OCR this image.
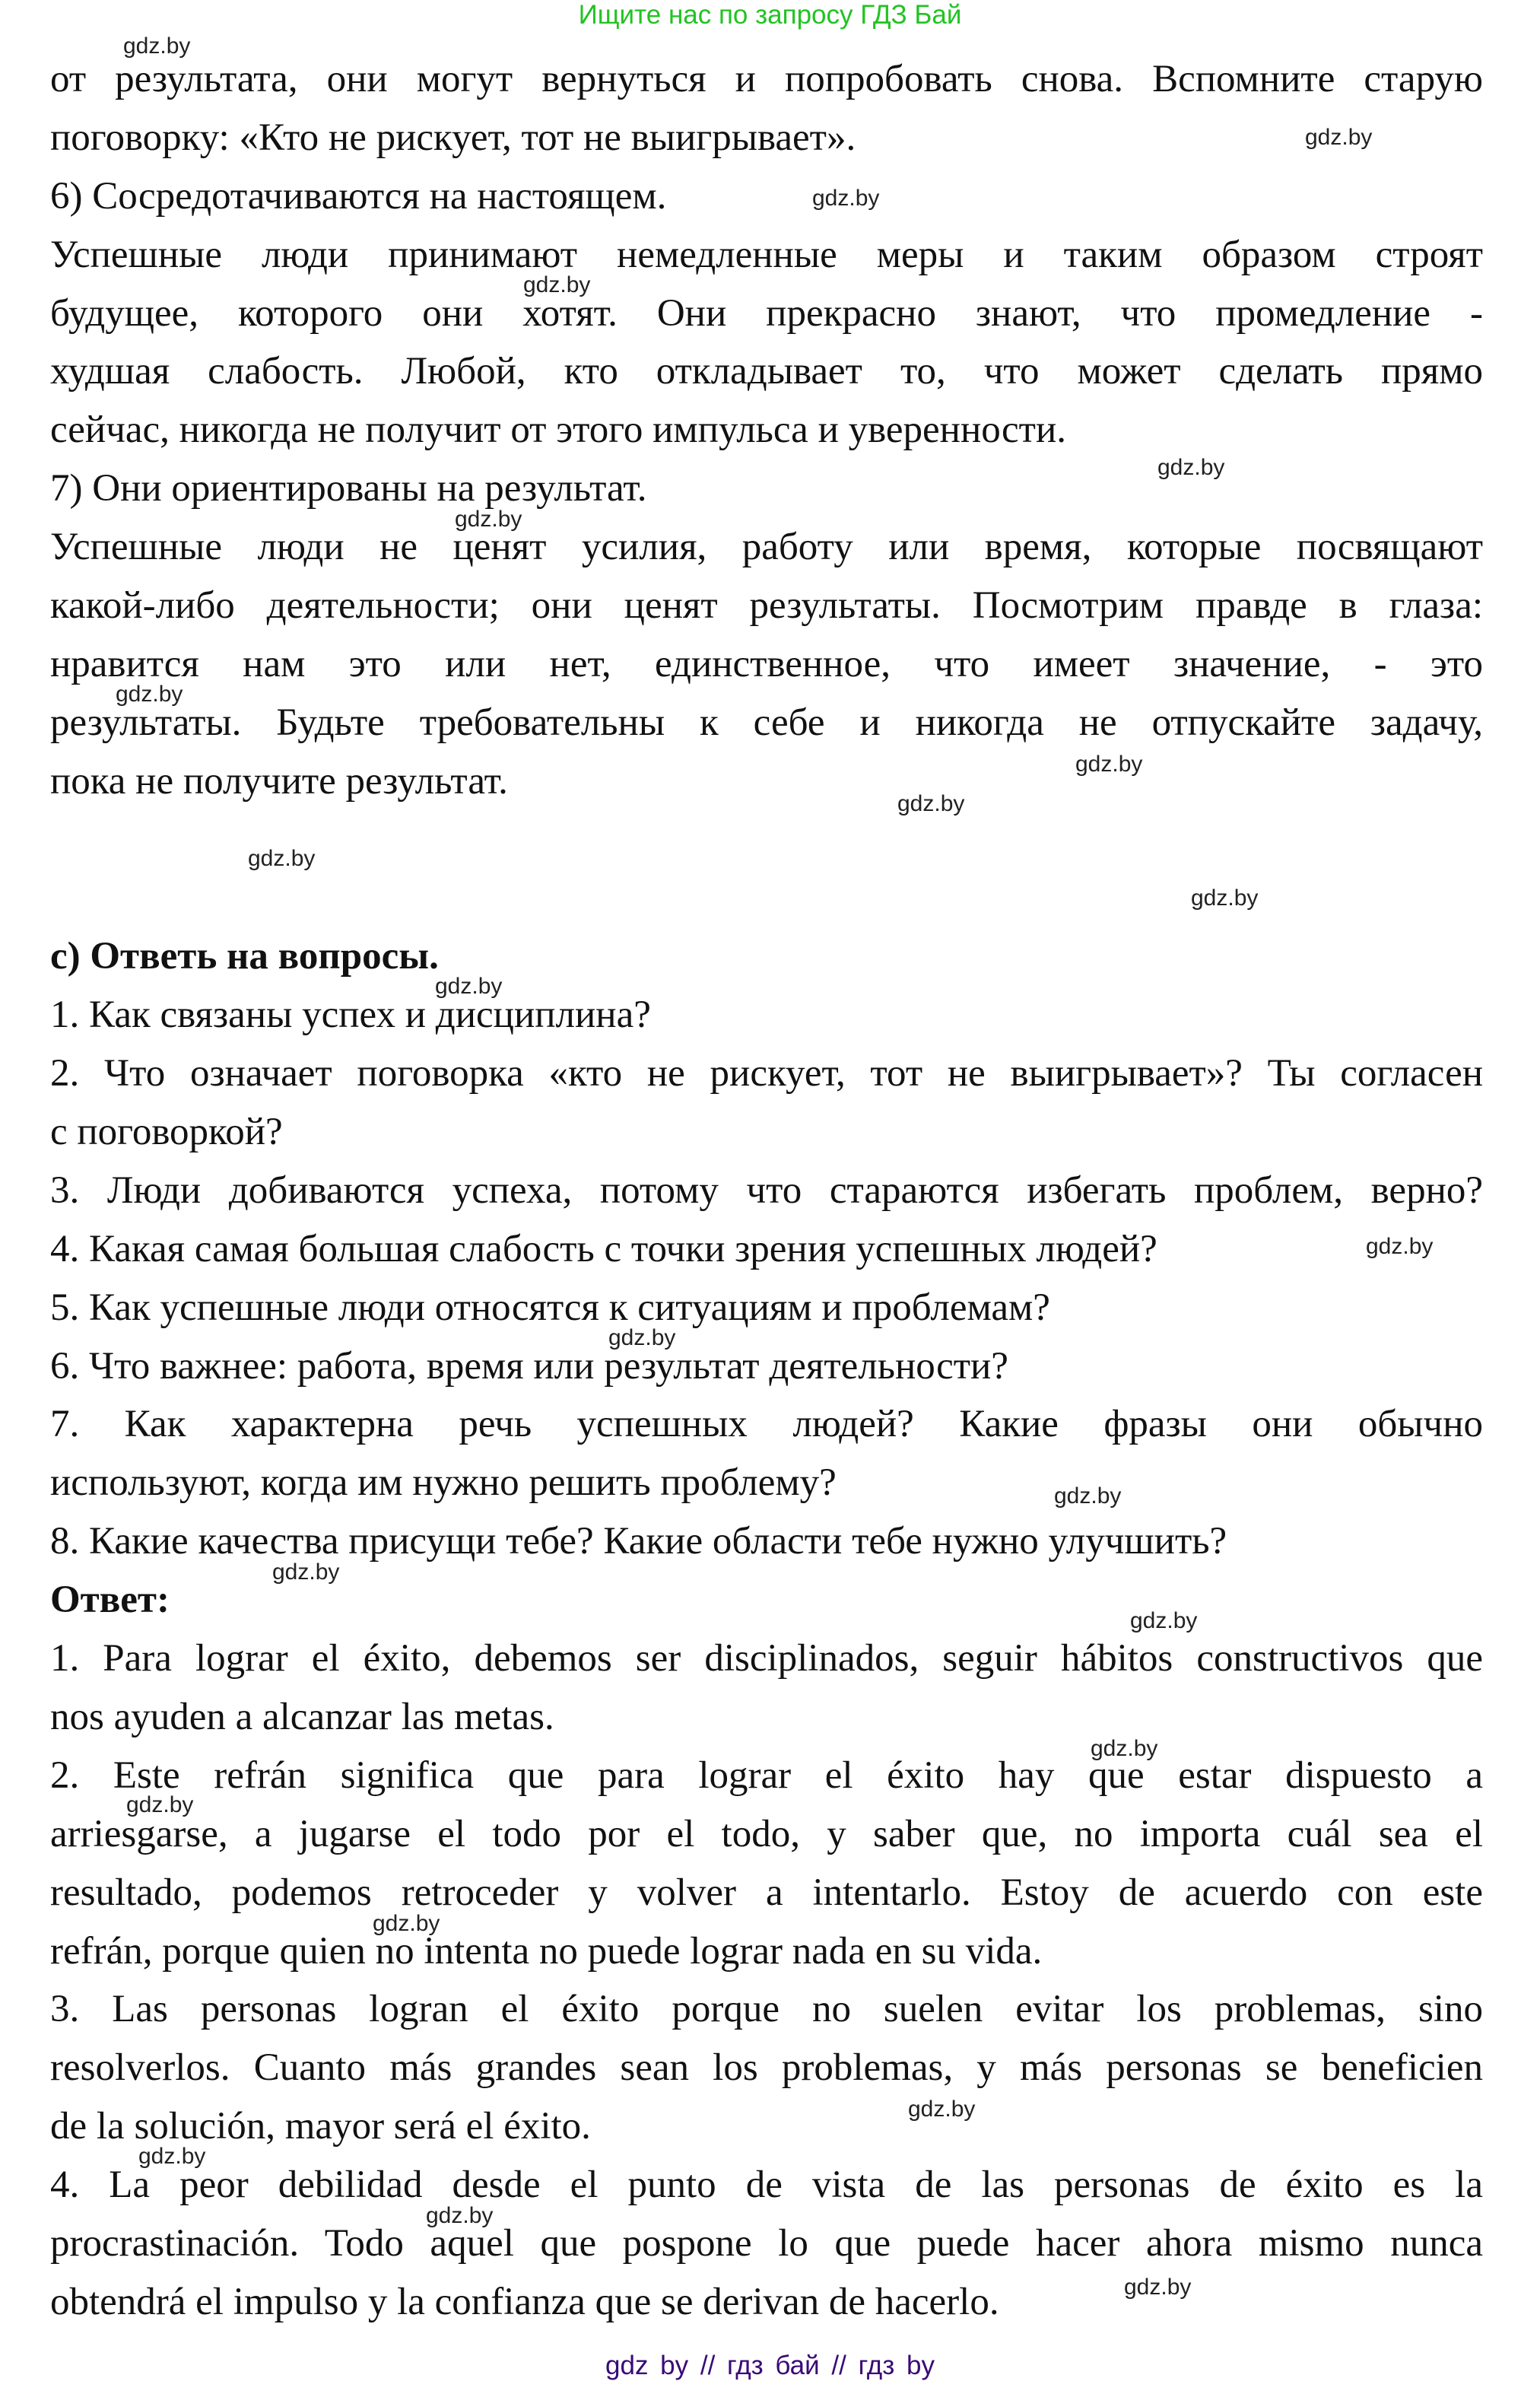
Ищите нас по запросу ГДЗ Бай
от результата, они могут вернуться и попробовать снова. Вспомните старую
поговорку: «Кто не рискует, тот не выигрывает».
6) Сосредотачиваются на настоящем.
Успешные люди принимают немедленные меры и таким образом строят
будущее, которого они хотят. Они прекрасно знают, что промедление -
худшая слабость. Любой, кто откладывает то, что может сделать прямо
сейчас, никогда не получит от этого импульса и уверенности.
7) Они ориентированы на результат.
Успешные люди не ценят усилия, работу или время, которые посвящают
какой-либо деятельности; они ценят результаты. Посмотрим правде в глаза:
нравится нам это или нет, единственное, что имеет значение, - это
результаты. Будьте требовательны к себе и никогда не отпускайте задачу,
пока не получите результат.
с) Ответь на вопросы.
1. Как связаны успех и дисциплина?
2. Что означает поговорка «кто не рискует, тот не выигрывает»? Ты согласен
с поговоркой?
3. Люди добиваются успеха, потому что стараются избегать проблем, верно?
4. Какая самая большая слабость с точки зрения успешных людей?
5. Как успешные люди относятся к ситуациям и проблемам?
6. Что важнее: работа, время или результат деятельности?
7. Как характерна речь успешных людей? Какие фразы они обычно
используют, когда им нужно решить проблему?
8. Какие качества присущи тебе? Какие области тебе нужно улучшить?
Ответ:
1. Para lograr el éxito, debemos ser disciplinados, seguir hábitos constructivos que
nos ayuden a alcanzar las metas.
2. Este refrán significa que para lograr el éxito hay que estar dispuesto a
arriesgarse, a jugarse el todo por el todo, y saber que, no importa cuál sea el
resultado, podemos retroceder y volver a intentarlo. Estoy de acuerdo con este
refrán, porque quien no intenta no puede lograr nada en su vida.
3. Las personas logran el éxito porque no suelen evitar los problemas, sino
resolverlos. Cuanto más grandes sean los problemas, y más personas se beneficien
de la solución, mayor será el éxito.
4. La peor debilidad desde el punto de vista de las personas de éxito es la
procrastinación. Todo aquel que pospone lo que puede hacer ahora mismo nunca
obtendrá el impulso y la confianza que se derivan de hacerlo.
gdz.by
gdz.by
gdz.by
gdz.by
gdz.by
gdz.by
gdz.by
gdz.by
gdz.by
gdz.by
gdz.by
gdz.by
gdz.by
gdz.by
gdz.by
gdz.by
gdz.by
gdz.by
gdz.by
gdz.by
gdz.by
gdz.by
gdz.by
gdz.by
gdz by // гдз бай // гдз by
